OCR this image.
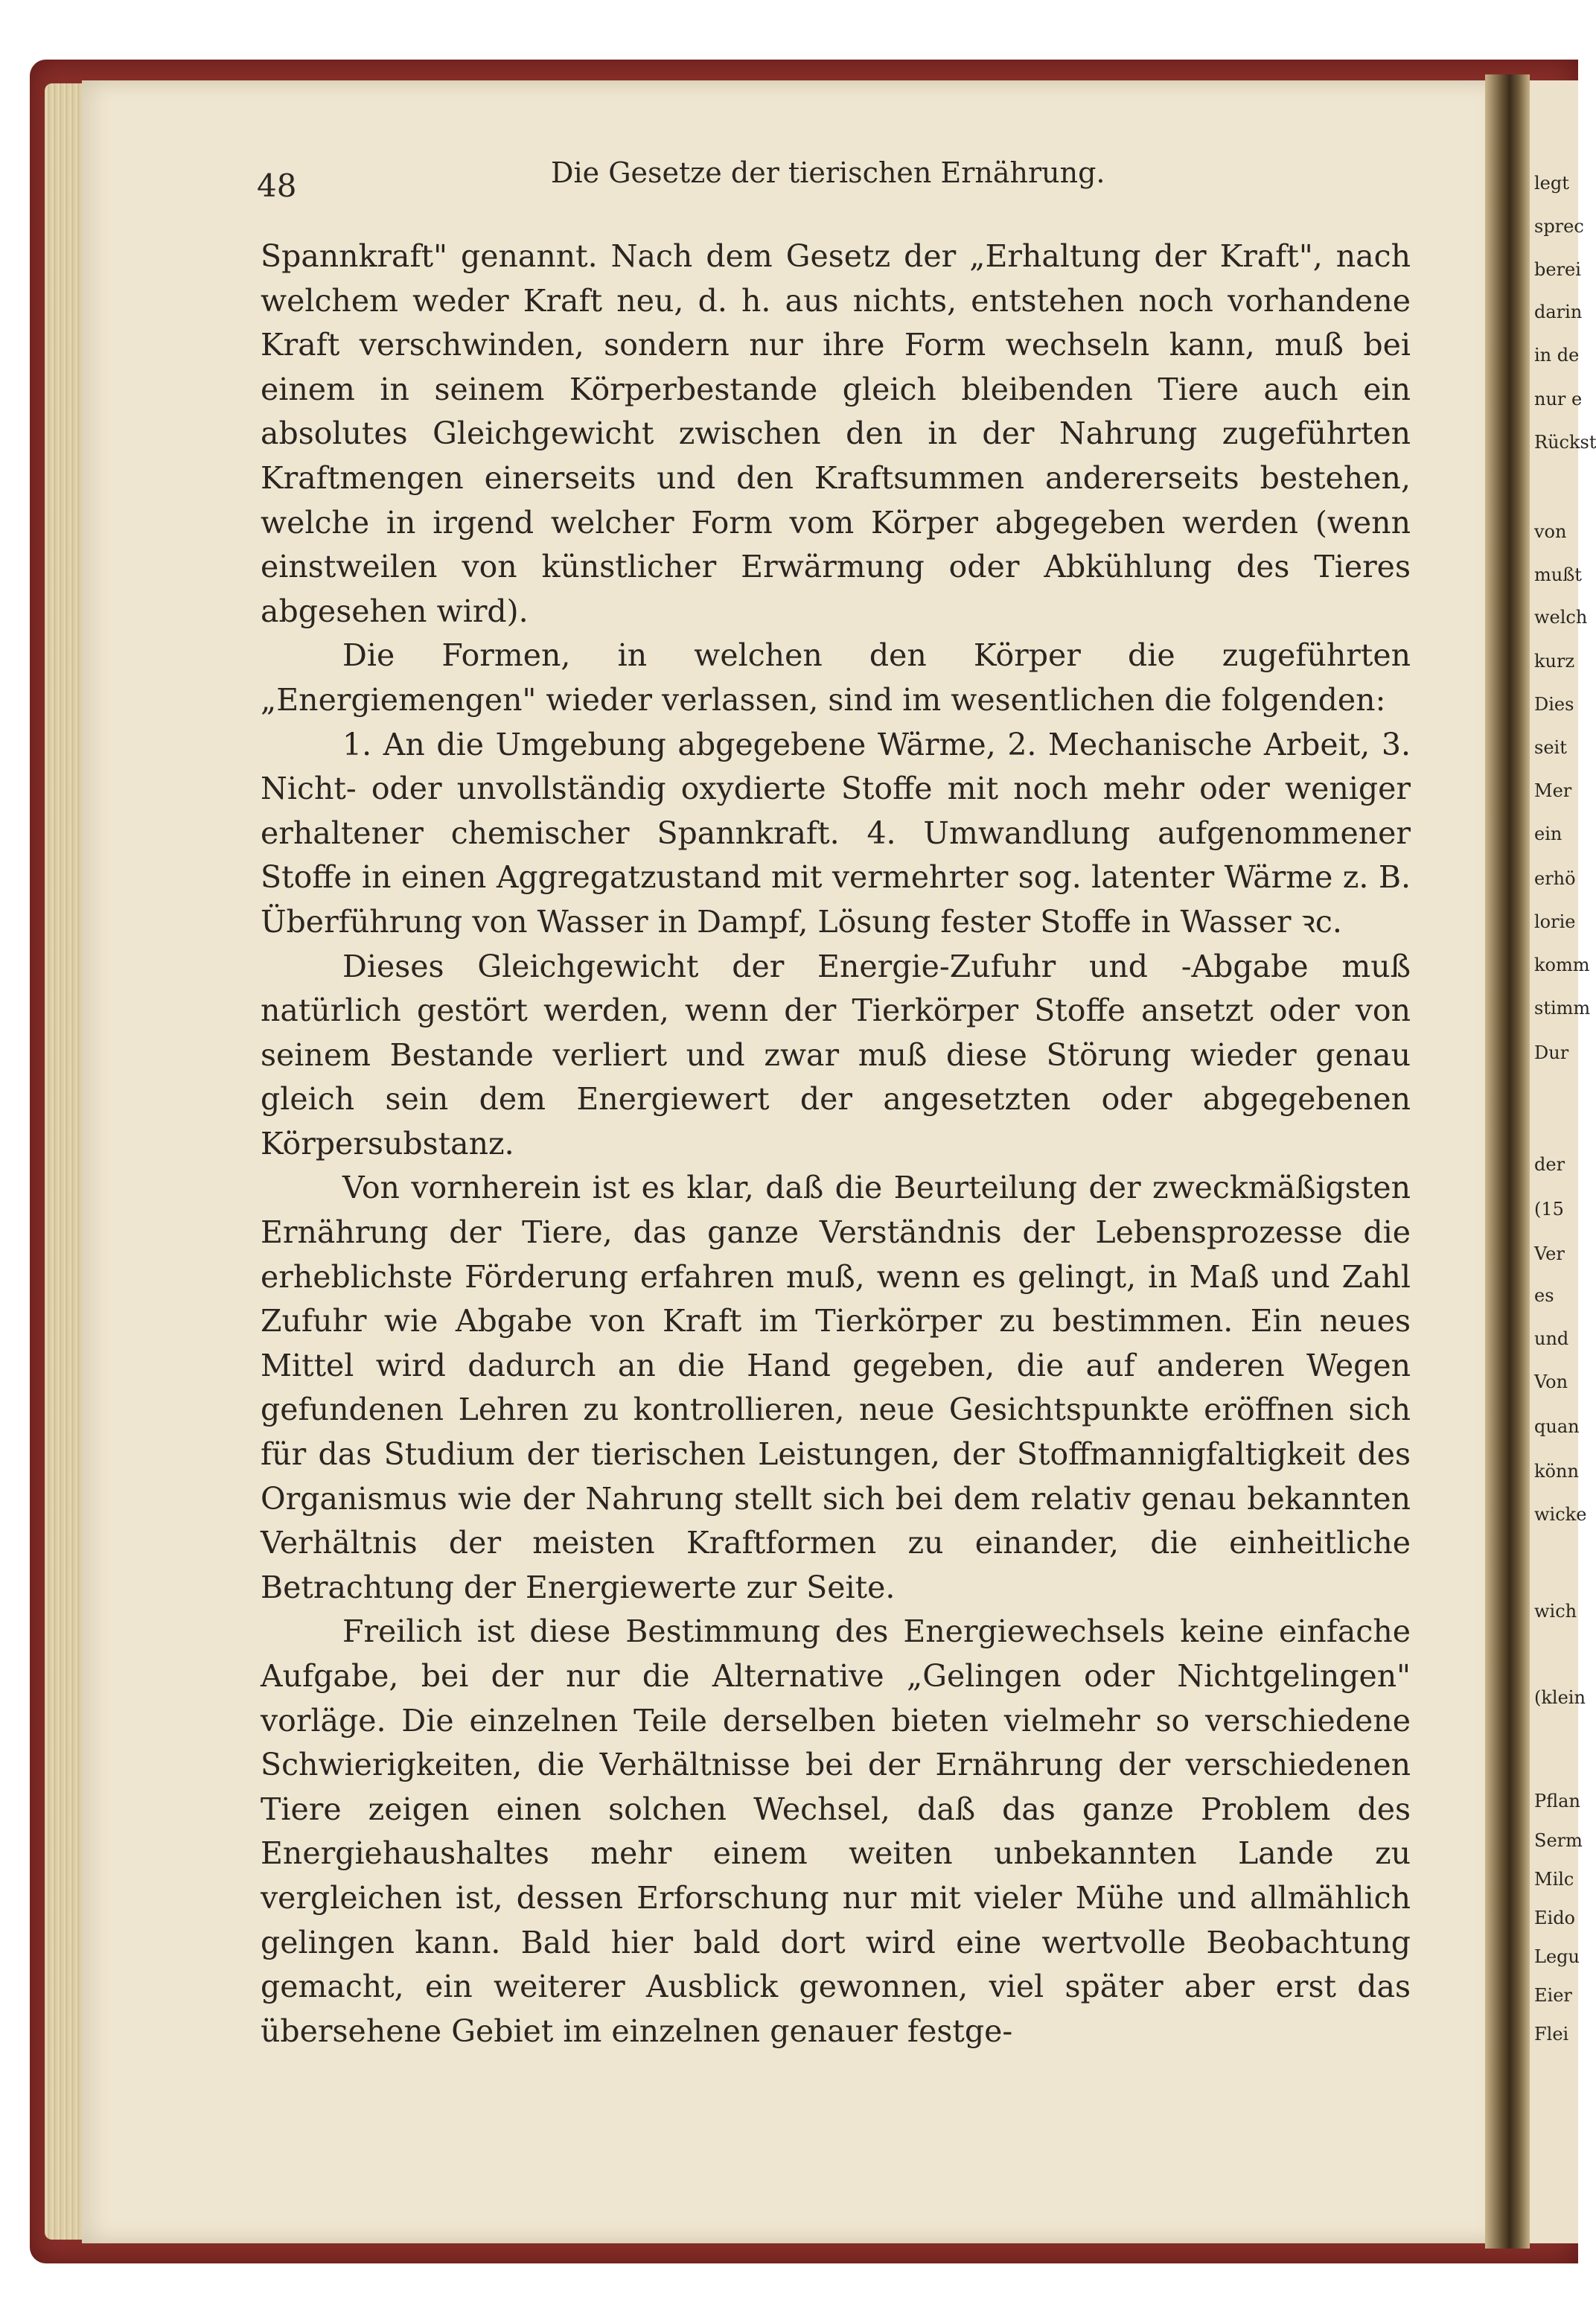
48	Die Gesetze der tierischen Ernährung.

Spannkraft" genannt. Nach dem Gesetz der „Erhaltung der Kraft", nach welchem weder Kraft neu, d. h. aus nichts, entstehen noch vorhandene Kraft verschwinden, sondern nur ihre Form wechseln kann, muß bei einem in seinem Körperbestande gleich bleibenden Tiere auch ein absolutes Gleichgewicht zwischen den in der Nahrung zugeführten Kraftmengen einerseits und den Kraftsummen andererseits bestehen, welche in irgend welcher Form vom Körper abgegeben werden (wenn einstweilen von künstlicher Erwärmung oder Abkühlung des Tieres abgesehen wird).

Die Formen, in welchen den Körper die zugeführten „Energiemengen" wieder verlassen, sind im wesentlichen die folgenden:

1. An die Umgebung abgegebene Wärme, 2. Mechanische Arbeit, 3. Nicht- oder unvollständig oxydierte Stoffe mit noch mehr oder weniger erhaltener chemischer Spannkraft. 4. Umwandlung aufgenommener Stoffe in einen Aggregatzustand mit vermehrter sog. latenter Wärme z. B. Überführung von Wasser in Dampf, Lösung fester Stoffe in Wasser ꝛc.

Dieses Gleichgewicht der Energie-Zufuhr und -Abgabe muß natürlich gestört werden, wenn der Tierkörper Stoffe ansetzt oder von seinem Bestande verliert und zwar muß diese Störung wieder genau gleich sein dem Energiewert der angesetzten oder abgegebenen Körpersubstanz.

Von vornherein ist es klar, daß die Beurteilung der zweckmäßigsten Ernährung der Tiere, das ganze Verständnis der Lebensprozesse die erheblichste Förderung erfahren muß, wenn es gelingt, in Maß und Zahl Zufuhr wie Abgabe von Kraft im Tierkörper zu bestimmen. Ein neues Mittel wird dadurch an die Hand gegeben, die auf anderen Wegen gefundenen Lehren zu kontrollieren, neue Gesichtspunkte eröffnen sich für das Studium der tierischen Leistungen, der Stoffmannigfaltigkeit des Organismus wie der Nahrung stellt sich bei dem relativ genau bekannten Verhältnis der meisten Kraftformen zu einander, die einheitliche Betrachtung der Energiewerte zur Seite.

Freilich ist diese Bestimmung des Energiewechsels keine einfache Aufgabe, bei der nur die Alternative „Gelingen oder Nichtgelingen" vorläge. Die einzelnen Teile derselben bieten vielmehr so verschiedene Schwierigkeiten, die Verhältnisse bei der Ernährung der verschiedenen Tiere zeigen einen solchen Wechsel, daß das ganze Problem des Energiehaushaltes mehr einem weiten unbekannten Lande zu vergleichen ist, dessen Erforschung nur mit vieler Mühe und allmählich gelingen kann. Bald hier bald dort wird eine wertvolle Beobachtung gemacht, ein weiterer Ausblick gewonnen, viel später aber erst das übersehene Gebiet im einzelnen genauer festge-

legt
sprec
berei
darin
in de
nur e
Rückst
von
mußt
welch
kurz
Dies
seit
Mer
ein
erhö
lorie
komm
stimm
Dur
der
(15
Ver
es
und
Von
quan
könn
wicke
wich
(klein
Pflan
Serm
Milc
Eido
Legu
Eier
Flei
